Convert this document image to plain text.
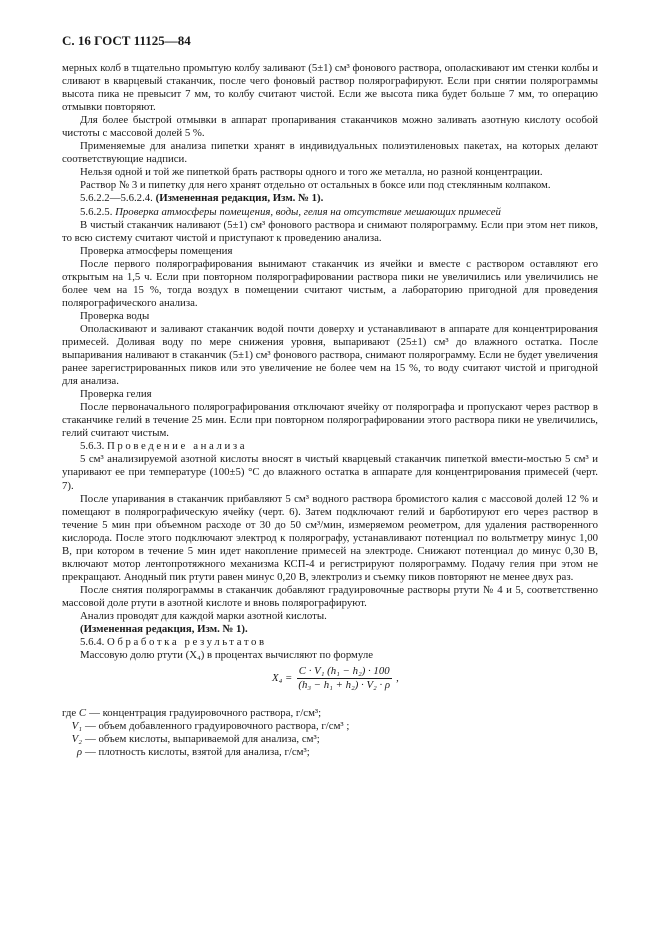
С. 16 ГОСТ 11125—84

мерных колб в тщательно промытую колбу заливают (5±1) см³ фонового раствора, ополаскивают им стенки колбы и сливают в кварцевый стаканчик, после чего фоновый раствор полярографируют. Если при снятии полярограммы высота пика не превысит 7 мм, то колбу считают чистой. Если же высота пика будет больше 7 мм, то операцию отмывки повторяют.

Для более быстрой отмывки в аппарат пропаривания стаканчиков можно заливать азотную кислоту особой чистоты с массовой долей 5 %.

Применяемые для анализа пипетки хранят в индивидуальных полиэтиленовых пакетах, на которых делают соответствующие надписи.

Нельзя одной и той же пипеткой брать растворы одного и того же металла, но разной концентрации.

Раствор № 3 и пипетку для него хранят отдельно от остальных в боксе или под стеклянным колпаком.

5.6.2.2—5.6.2.4. (Измененная редакция, Изм. № 1).

5.6.2.5. Проверка атмосферы помещения, воды, гелия на отсутствие мешающих примесей

В чистый стаканчик наливают (5±1) см³ фонового раствора и снимают полярограмму. Если при этом нет пиков, то всю систему считают чистой и приступают к проведению анализа.

Проверка атмосферы помещения

После первого полярографирования вынимают стаканчик из ячейки и вместе с раствором оставляют его открытым на 1,5 ч. Если при повторном полярографировании раствора пики не увеличились или увеличились не более чем на 15 %, тогда воздух в помещении считают чистым, а лабораторию пригодной для проведения полярографического анализа.

Проверка воды

Ополаскивают и заливают стаканчик водой почти доверху и устанавливают в аппарате для концентрирования примесей. Доливая воду по мере снижения уровня, выпаривают (25±1) см³ до влажного остатка. После выпаривания наливают в стаканчик (5±1) см³ фонового раствора, снимают полярограмму. Если не будет увеличения ранее зарегистрированных пиков или это увеличение не более чем на 15 %, то воду считают чистой и пригодной для анализа.

Проверка гелия

После первоначального полярографирования отключают ячейку от полярографа и пропускают через раствор в стаканчике гелий в течение 25 мин. Если при повторном полярографировании этого раствора пики не увеличились, гелий считают чистым.

5.6.3. Проведение анализа

5 см³ анализируемой азотной кислоты вносят в чистый кварцевый стаканчик пипеткой вмести-мостью 5 см³ и упаривают ее при температуре (100±5) °С до влажного остатка в аппарате для концентрирования примесей (черт. 7).

После упаривания в стаканчик прибавляют 5 см³ водного раствора бромистого калия с массовой долей 12 % и помещают в полярографическую ячейку (черт. 6). Затем подключают гелий и барботируют его через раствор в течение 5 мин при объемном расходе от 30 до 50 см³/мин, измеряемом реометром, для удаления растворенного кислорода. После этого подключают электрод к полярографу, устанавливают потенциал по вольтметру минус 1,00 В, при котором в течение 5 мин идет накопление примесей на электроде. Снижают потенциал до минус 0,30 В, включают мотор лентопротяжного механизма КСП-4 и регистрируют полярограмму. Подачу гелия при этом не прекращают. Анодный пик ртути равен минус 0,20 В, электролиз и съемку пиков повторяют не менее двух раз.

После снятия полярограммы в стаканчик добавляют градуировочные растворы ртути № 4 и 5, соответственно массовой доле ртути в азотной кислоте и вновь полярографируют.

Анализ проводят для каждой марки азотной кислоты.

(Измененная редакция, Изм. № 1).

5.6.4. Обработка результатов

Массовую долю ртути (X₄) в процентах вычисляют по формуле

$X_4 = \frac{\text{C · V₁ (h₁ − h₂) · 100}}{\text{(h₃ − h₁ + h₂) · V₂ · ρ}}$ ,
где
C — концентрация градуировочного раствора, г/см³;
V₁ — объем добавленного градуировочного раствора, г/см³ ;
V₂ — объем кислоты, выпариваемой для анализа, см³;
ρ — плотность кислоты, взятой для анализа, г/см³;
